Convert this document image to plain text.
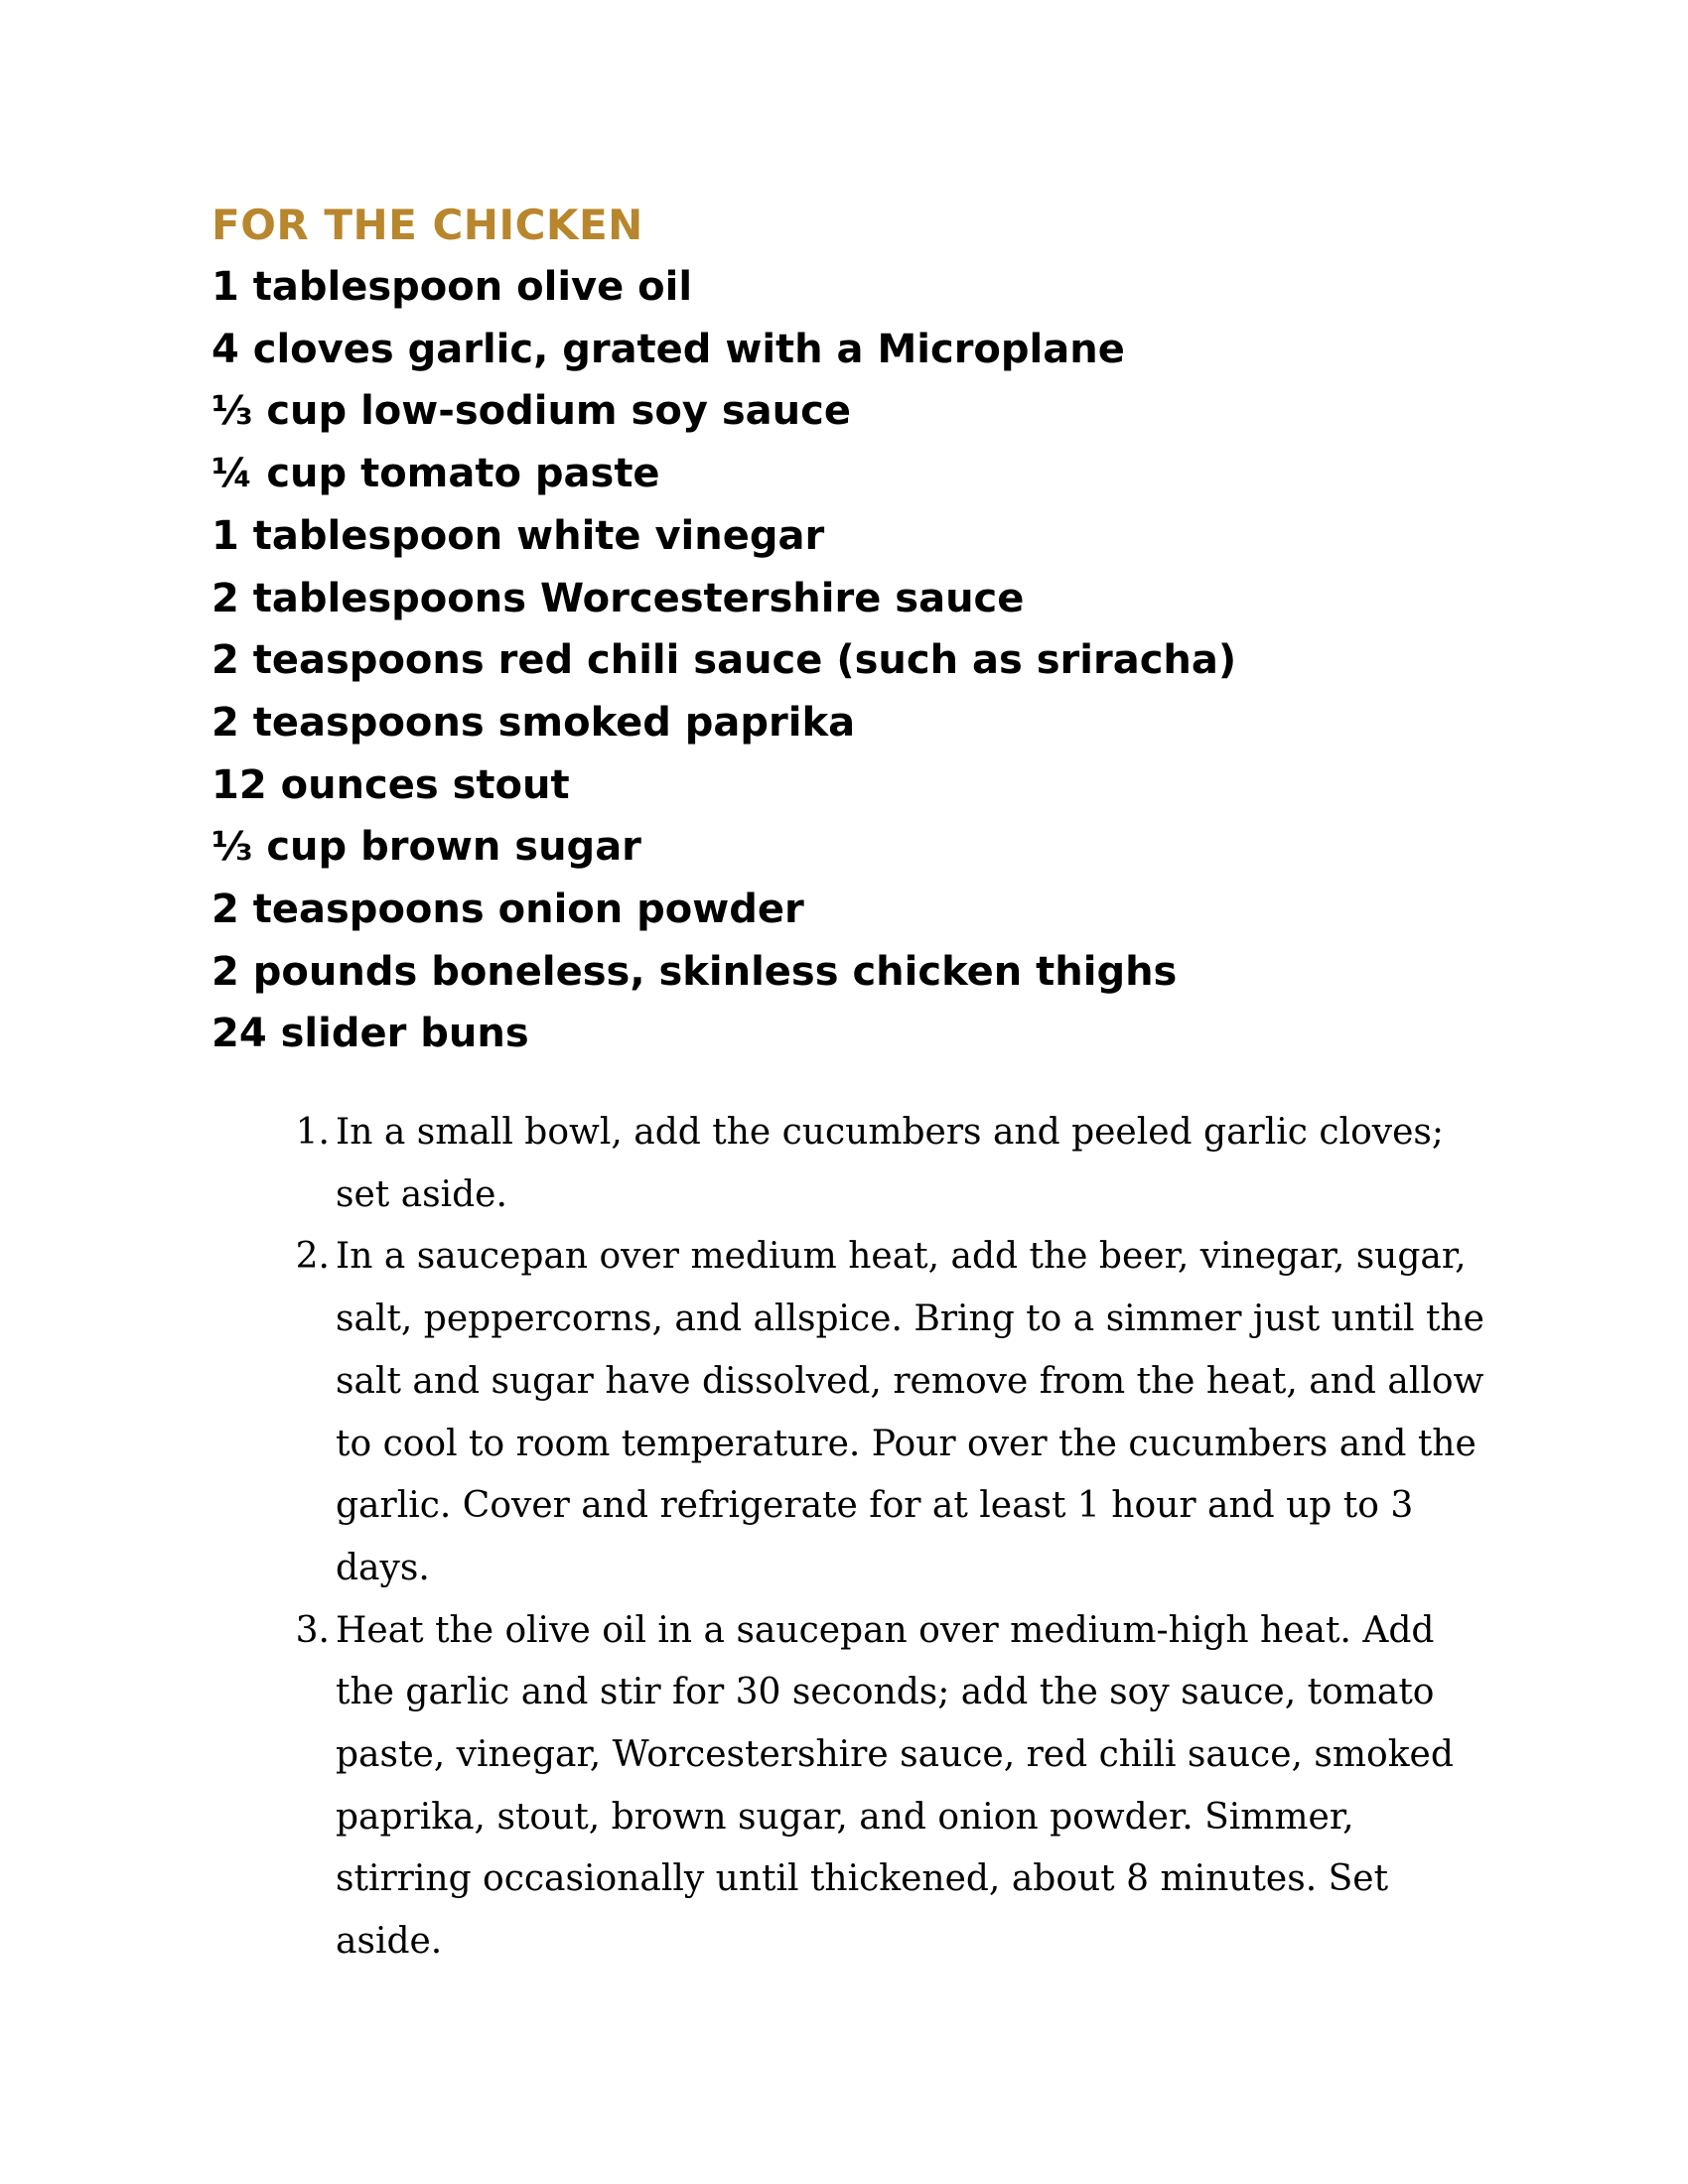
FOR THE CHICKEN
1 tablespoon olive oil
4 cloves garlic, grated with a Microplane
⅓ cup low-sodium soy sauce
¼ cup tomato paste
1 tablespoon white vinegar
2 tablespoons Worcestershire sauce
2 teaspoons red chili sauce (such as sriracha)
2 teaspoons smoked paprika
12 ounces stout
⅓ cup brown sugar
2 teaspoons onion powder
2 pounds boneless, skinless chicken thighs
24 slider buns
1. In a small bowl, add the cucumbers and peeled garlic cloves; set aside.
2. In a saucepan over medium heat, add the beer, vinegar, sugar, salt, peppercorns, and allspice. Bring to a simmer just until the salt and sugar have dissolved, remove from the heat, and allow to cool to room temperature. Pour over the cucumbers and the garlic. Cover and refrigerate for at least 1 hour and up to 3 days.
3. Heat the olive oil in a saucepan over medium-high heat. Add the garlic and stir for 30 seconds; add the soy sauce, tomato paste, vinegar, Worcestershire sauce, red chili sauce, smoked paprika, stout, brown sugar, and onion powder. Simmer, stirring occasionally until thickened, about 8 minutes. Set aside.
